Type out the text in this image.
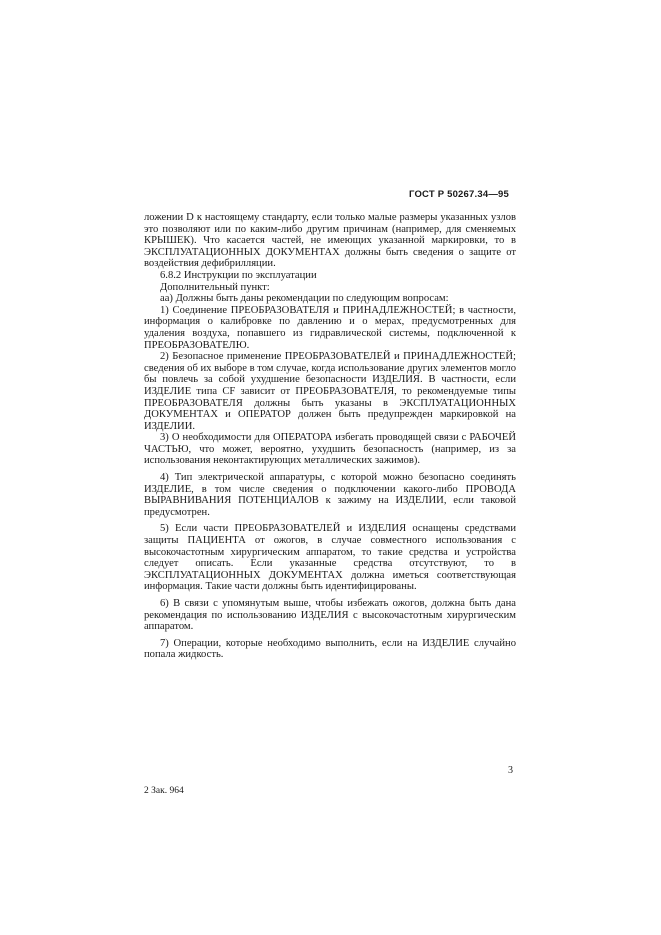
ГОСТ Р 50267.34—95

ложении D к настоящему стандарту, если только малые размеры указанных узлов это позволяют или по каким-либо другим причинам (например, для сменяемых КРЫШЕК). Что касается частей, не имеющих указанной маркировки, то в ЭКСПЛУАТАЦИОННЫХ ДОКУМЕНТАХ должны быть сведения о защите от воздействия дефибрилляции.

6.8.2 Инструкции по эксплуатации

Дополнительный пункт:

аа) Должны быть даны рекомендации по следующим вопросам:

1) Соединение ПРЕОБРАЗОВАТЕЛЯ и ПРИНАДЛЕЖНОСТЕЙ; в частности, информация о калибровке по давлению и о мерах, предусмотренных для удаления воздуха, попавшего из гидравлической системы, подключенной к ПРЕОБРАЗОВАТЕЛЮ.

2) Безопасное применение ПРЕОБРАЗОВАТЕЛЕЙ и ПРИНАДЛЕЖНОСТЕЙ; сведения об их выборе в том случае, когда использование других элементов могло бы повлечь за собой ухудшение безопасности ИЗДЕЛИЯ. В частности, если ИЗДЕЛИЕ типа CF зависит от ПРЕОБРАЗОВАТЕЛЯ, то рекомендуемые типы ПРЕОБРАЗОВАТЕЛЯ должны быть указаны в ЭКСПЛУАТАЦИОННЫХ ДОКУМЕНТАХ и ОПЕРАТОР должен быть предупрежден маркировкой на ИЗДЕЛИИ.

3) О необходимости для ОПЕРАТОРА избегать проводящей связи с РАБОЧЕЙ ЧАСТЬЮ, что может, вероятно, ухудшить безопасность (например, из за использования неконтактирующих металлических зажимов).

4) Тип электрической аппаратуры, с которой можно безопасно соединять ИЗДЕЛИЕ, в том числе сведения о подключении какого-либо ПРОВОДА ВЫРАВНИВАНИЯ ПОТЕНЦИАЛОВ к зажиму на ИЗДЕЛИИ, если таковой предусмотрен.

5) Если части ПРЕОБРАЗОВАТЕЛЕЙ и ИЗДЕЛИЯ оснащены средствами защиты ПАЦИЕНТА от ожогов, в случае совместного использования с высокочастотным хирургическим аппаратом, то такие средства и устройства следует описать. Если указанные средства отсутствуют, то в ЭКСПЛУАТАЦИОННЫХ ДОКУМЕНТАХ должна иметься соответствующая информация. Такие части должны быть идентифицированы.

6) В связи с упомянутым выше, чтобы избежать ожогов, должна быть дана рекомендация по использованию ИЗДЕЛИЯ с высокочастотным хирургическим аппаратом.

7) Операции, которые необходимо выполнить, если на ИЗДЕЛИЕ случайно попала жидкость.

3
2 Зак. 964
